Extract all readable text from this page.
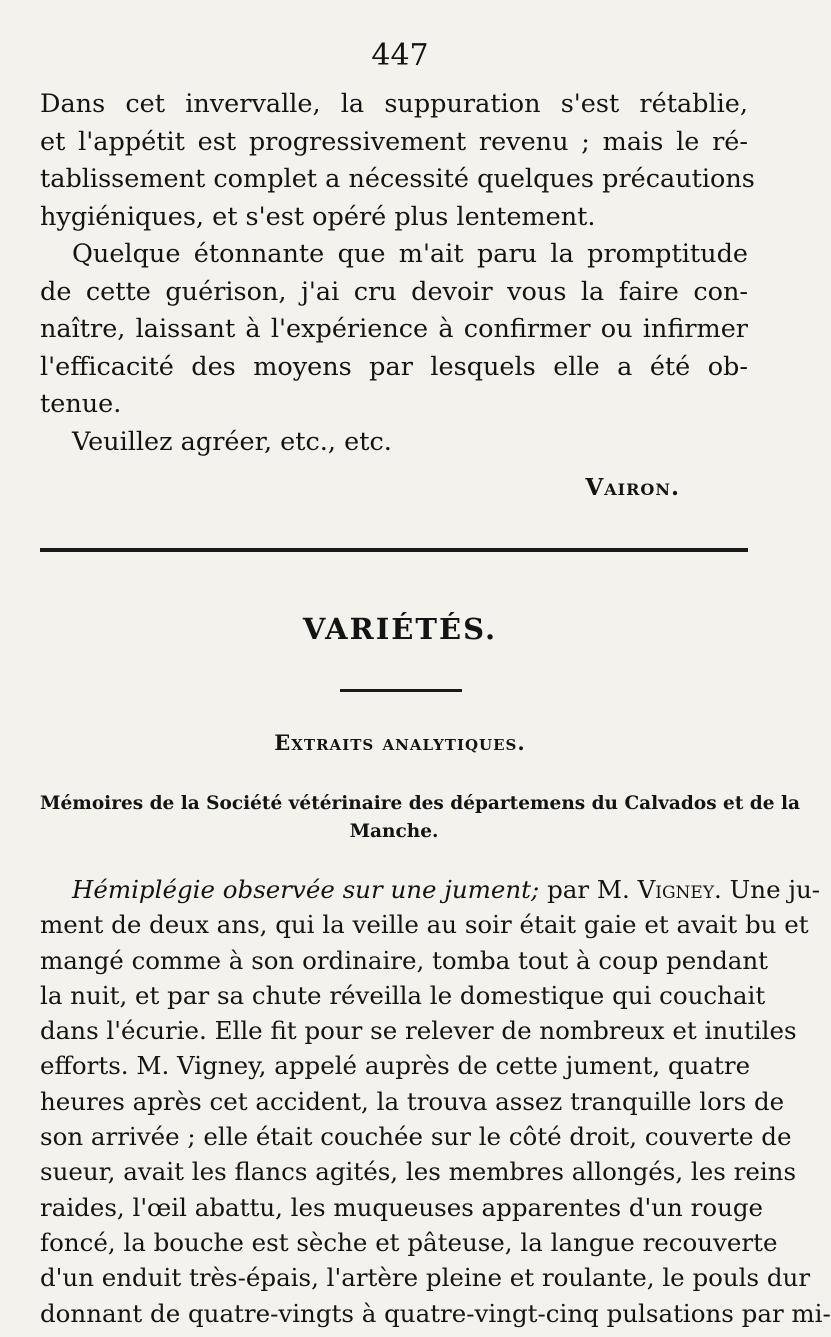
447
Dans cet invervalle, la suppuration s'est rétablie,
et l'appétit est progressivement revenu ; mais le ré-
tablissement complet a nécessité quelques précautions
hygiéniques, et s'est opéré plus lentement.
Quelque étonnante que m'ait paru la promptitude
de cette guérison, j'ai cru devoir vous la faire con-
naître, laissant à l'expérience à confirmer ou infirmer
l'efficacité des moyens par lesquels elle a été ob-
tenue.
Veuillez agréer, etc., etc.
Vairon.
VARIÉTÉS.
Extraits analytiques.
Mémoires de la Société vétérinaire des départemens du Calvados et de la
Manche.
Hémiplégie observée sur une jument; par M. Vigney. Une ju-
ment de deux ans, qui la veille au soir était gaie et avait bu et
mangé comme à son ordinaire, tomba tout à coup pendant
la nuit, et par sa chute réveilla le domestique qui couchait
dans l'écurie. Elle fit pour se relever de nombreux et inutiles
efforts. M. Vigney, appelé auprès de cette jument, quatre
heures après cet accident, la trouva assez tranquille lors de
son arrivée ; elle était couchée sur le côté droit, couverte de
sueur, avait les flancs agités, les membres allongés, les reins
raides, l'œil abattu, les muqueuses apparentes d'un rouge
foncé, la bouche est sèche et pâteuse, la langue recouverte
d'un enduit très-épais, l'artère pleine et roulante, le pouls dur
donnant de quatre-vingts à quatre-vingt-cinq pulsations par mi-
